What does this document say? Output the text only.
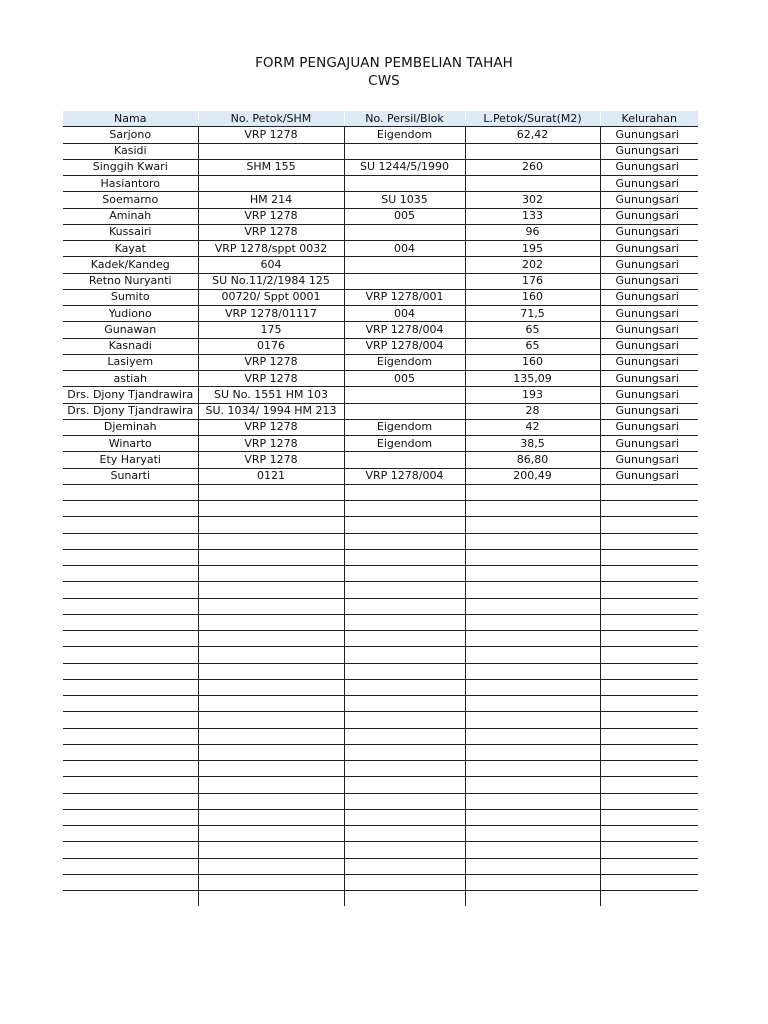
FORM PENGAJUAN PEMBELIAN TAHAH
CWS
Nama	No. Petok/SHM	No. Persil/Blok	L.Petok/Surat(M2)	Kelurahan
Sarjono	VRP 1278	Eigendom	62,42	Gunungsari
Kasidi				Gunungsari
Singgih Kwari	SHM 155	SU 1244/5/1990	260	Gunungsari
Hasiantoro				Gunungsari
Soemarno	HM 214	SU 1035	302	Gunungsari
Aminah	VRP 1278	005	133	Gunungsari
Kussairi	VRP 1278		96	Gunungsari
Kayat	VRP 1278/sppt 0032	004	195	Gunungsari
Kadek/Kandeg	604		202	Gunungsari
Retno Nuryanti	SU No.11/2/1984 125		176	Gunungsari
Sumito	00720/ Sppt 0001	VRP 1278/001	160	Gunungsari
Yudiono	VRP 1278/01117	004	71,5	Gunungsari
Gunawan	175	VRP 1278/004	65	Gunungsari
Kasnadi	0176	VRP 1278/004	65	Gunungsari
Lasiyem	VRP 1278	Eigendom	160	Gunungsari
astiah	VRP 1278	005	135,09	Gunungsari
Drs. Djony Tjandrawira	SU No. 1551 HM 103		193	Gunungsari
Drs. Djony Tjandrawira	SU. 1034/ 1994 HM 213		28	Gunungsari
Djeminah	VRP 1278	Eigendom	42	Gunungsari
Winarto	VRP 1278	Eigendom	38,5	Gunungsari
Ety Haryati	VRP 1278		86,80	Gunungsari
Sunarti	0121	VRP 1278/004	200,49	Gunungsari
